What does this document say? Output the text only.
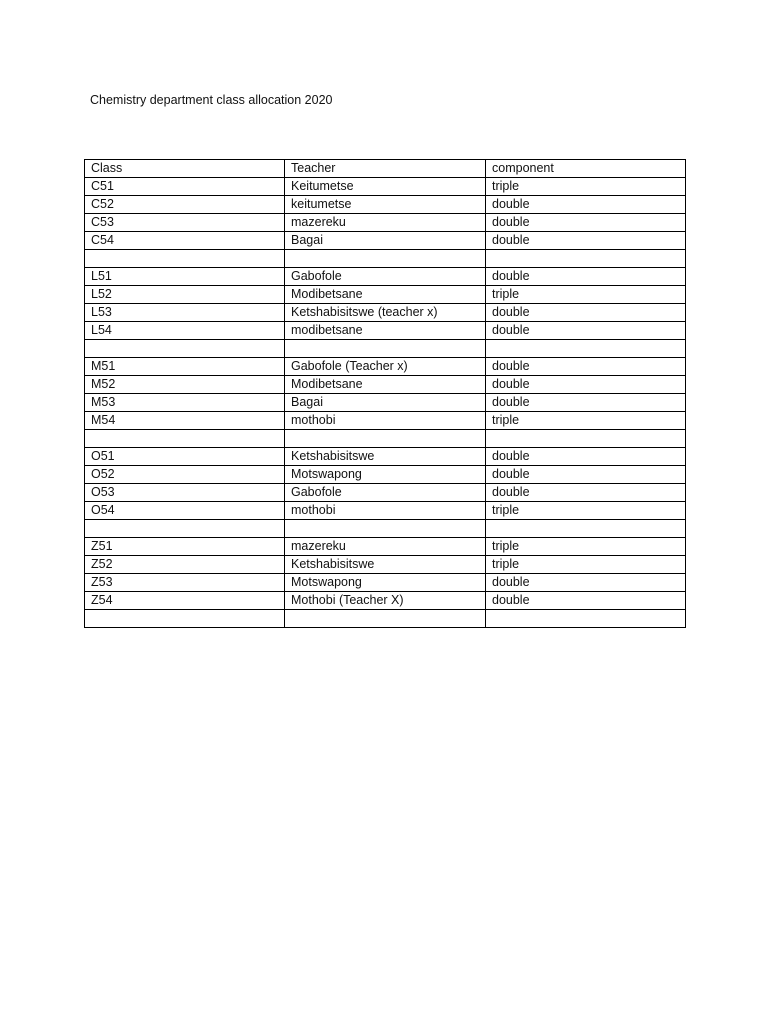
Chemistry department class allocation 2020
Class	Teacher	component
C51	Keitumetse	triple
C52	keitumetse	double
C53	mazereku	double
C54	Bagai	double

L51	Gabofole	double
L52	Modibetsane	triple
L53	Ketshabisitswe (teacher x)	double
L54	modibetsane	double

M51	Gabofole (Teacher x)	double
M52	Modibetsane	double
M53	Bagai	double
M54	mothobi	triple

O51	Ketshabisitswe	double
O52	Motswapong	double
O53	Gabofole	double
O54	mothobi	triple

Z51	mazereku	triple
Z52	Ketshabisitswe	triple
Z53	Motswapong	double
Z54	Mothobi (Teacher X)	double
